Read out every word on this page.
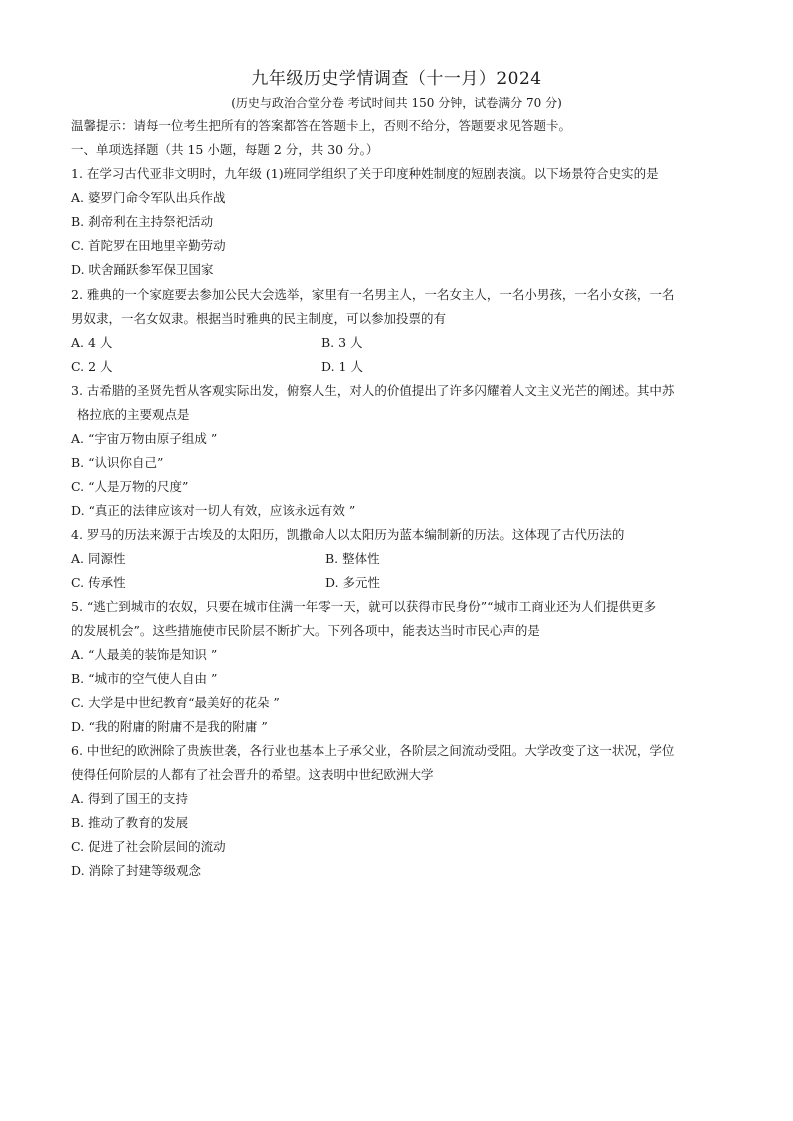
九年级历史学情调查（十一月）2024
(历史与政治合堂分卷 考试时间共 150 分钟，试卷满分 70 分)
温馨提示：请每一位考生把所有的答案都答在答题卡上，否则不给分，答题要求见答题卡。
一、单项选择题（共 15 小题，每题 2 分，共 30 分。）
1. 在学习古代亚非文明时，九年级 (1)班同学组织了关于印度种姓制度的短剧表演。以下场景符合史实的是
A. 婆罗门命令军队出兵作战
B. 刹帝利在主持祭祀活动
C. 首陀罗在田地里辛勤劳动
D. 吠舍踊跃参军保卫国家
2. 雅典的一个家庭要去参加公民大会选举，家里有一名男主人，一名女主人，一名小男孩，一名小女孩，一名
男奴隶，一名女奴隶。根据当时雅典的民主制度，可以参加投票的有
A. 4 人	B. 3 人
C. 2 人	D. 1 人
3. 古希腊的圣贤先哲从客观实际出发，俯察人生，对人的价值提出了许多闪耀着人文主义光芒的阐述。其中苏
格拉底的主要观点是
A. “宇宙万物由原子组成 ”
B. “认识你自己”
C. “人是万物的尺度”
D. “真正的法律应该对一切人有效，应该永远有效 ”
4. 罗马的历法来源于古埃及的太阳历，凯撒命人以太阳历为蓝本编制新的历法。这体现了古代历法的
A. 同源性	B. 整体性
C. 传承性	D. 多元性
5. “逃亡到城市的农奴，只要在城市住满一年零一天，就可以获得市民身份”“城市工商业还为人们提供更多
的发展机会”。这些措施使市民阶层不断扩大。下列各项中，能表达当时市民心声的是
A. “人最美的装饰是知识 ”
B. “城市的空气使人自由 ”
C. 大学是中世纪教育“最美好的花朵 ”
D. “我的附庸的附庸不是我的附庸 ”
6. 中世纪的欧洲除了贵族世袭，各行业也基本上子承父业，各阶层之间流动受阻。大学改变了这一状况，学位
使得任何阶层的人都有了社会晋升的希望。这表明中世纪欧洲大学
A. 得到了国王的支持
B. 推动了教育的发展
C. 促进了社会阶层间的流动
D. 消除了封建等级观念
